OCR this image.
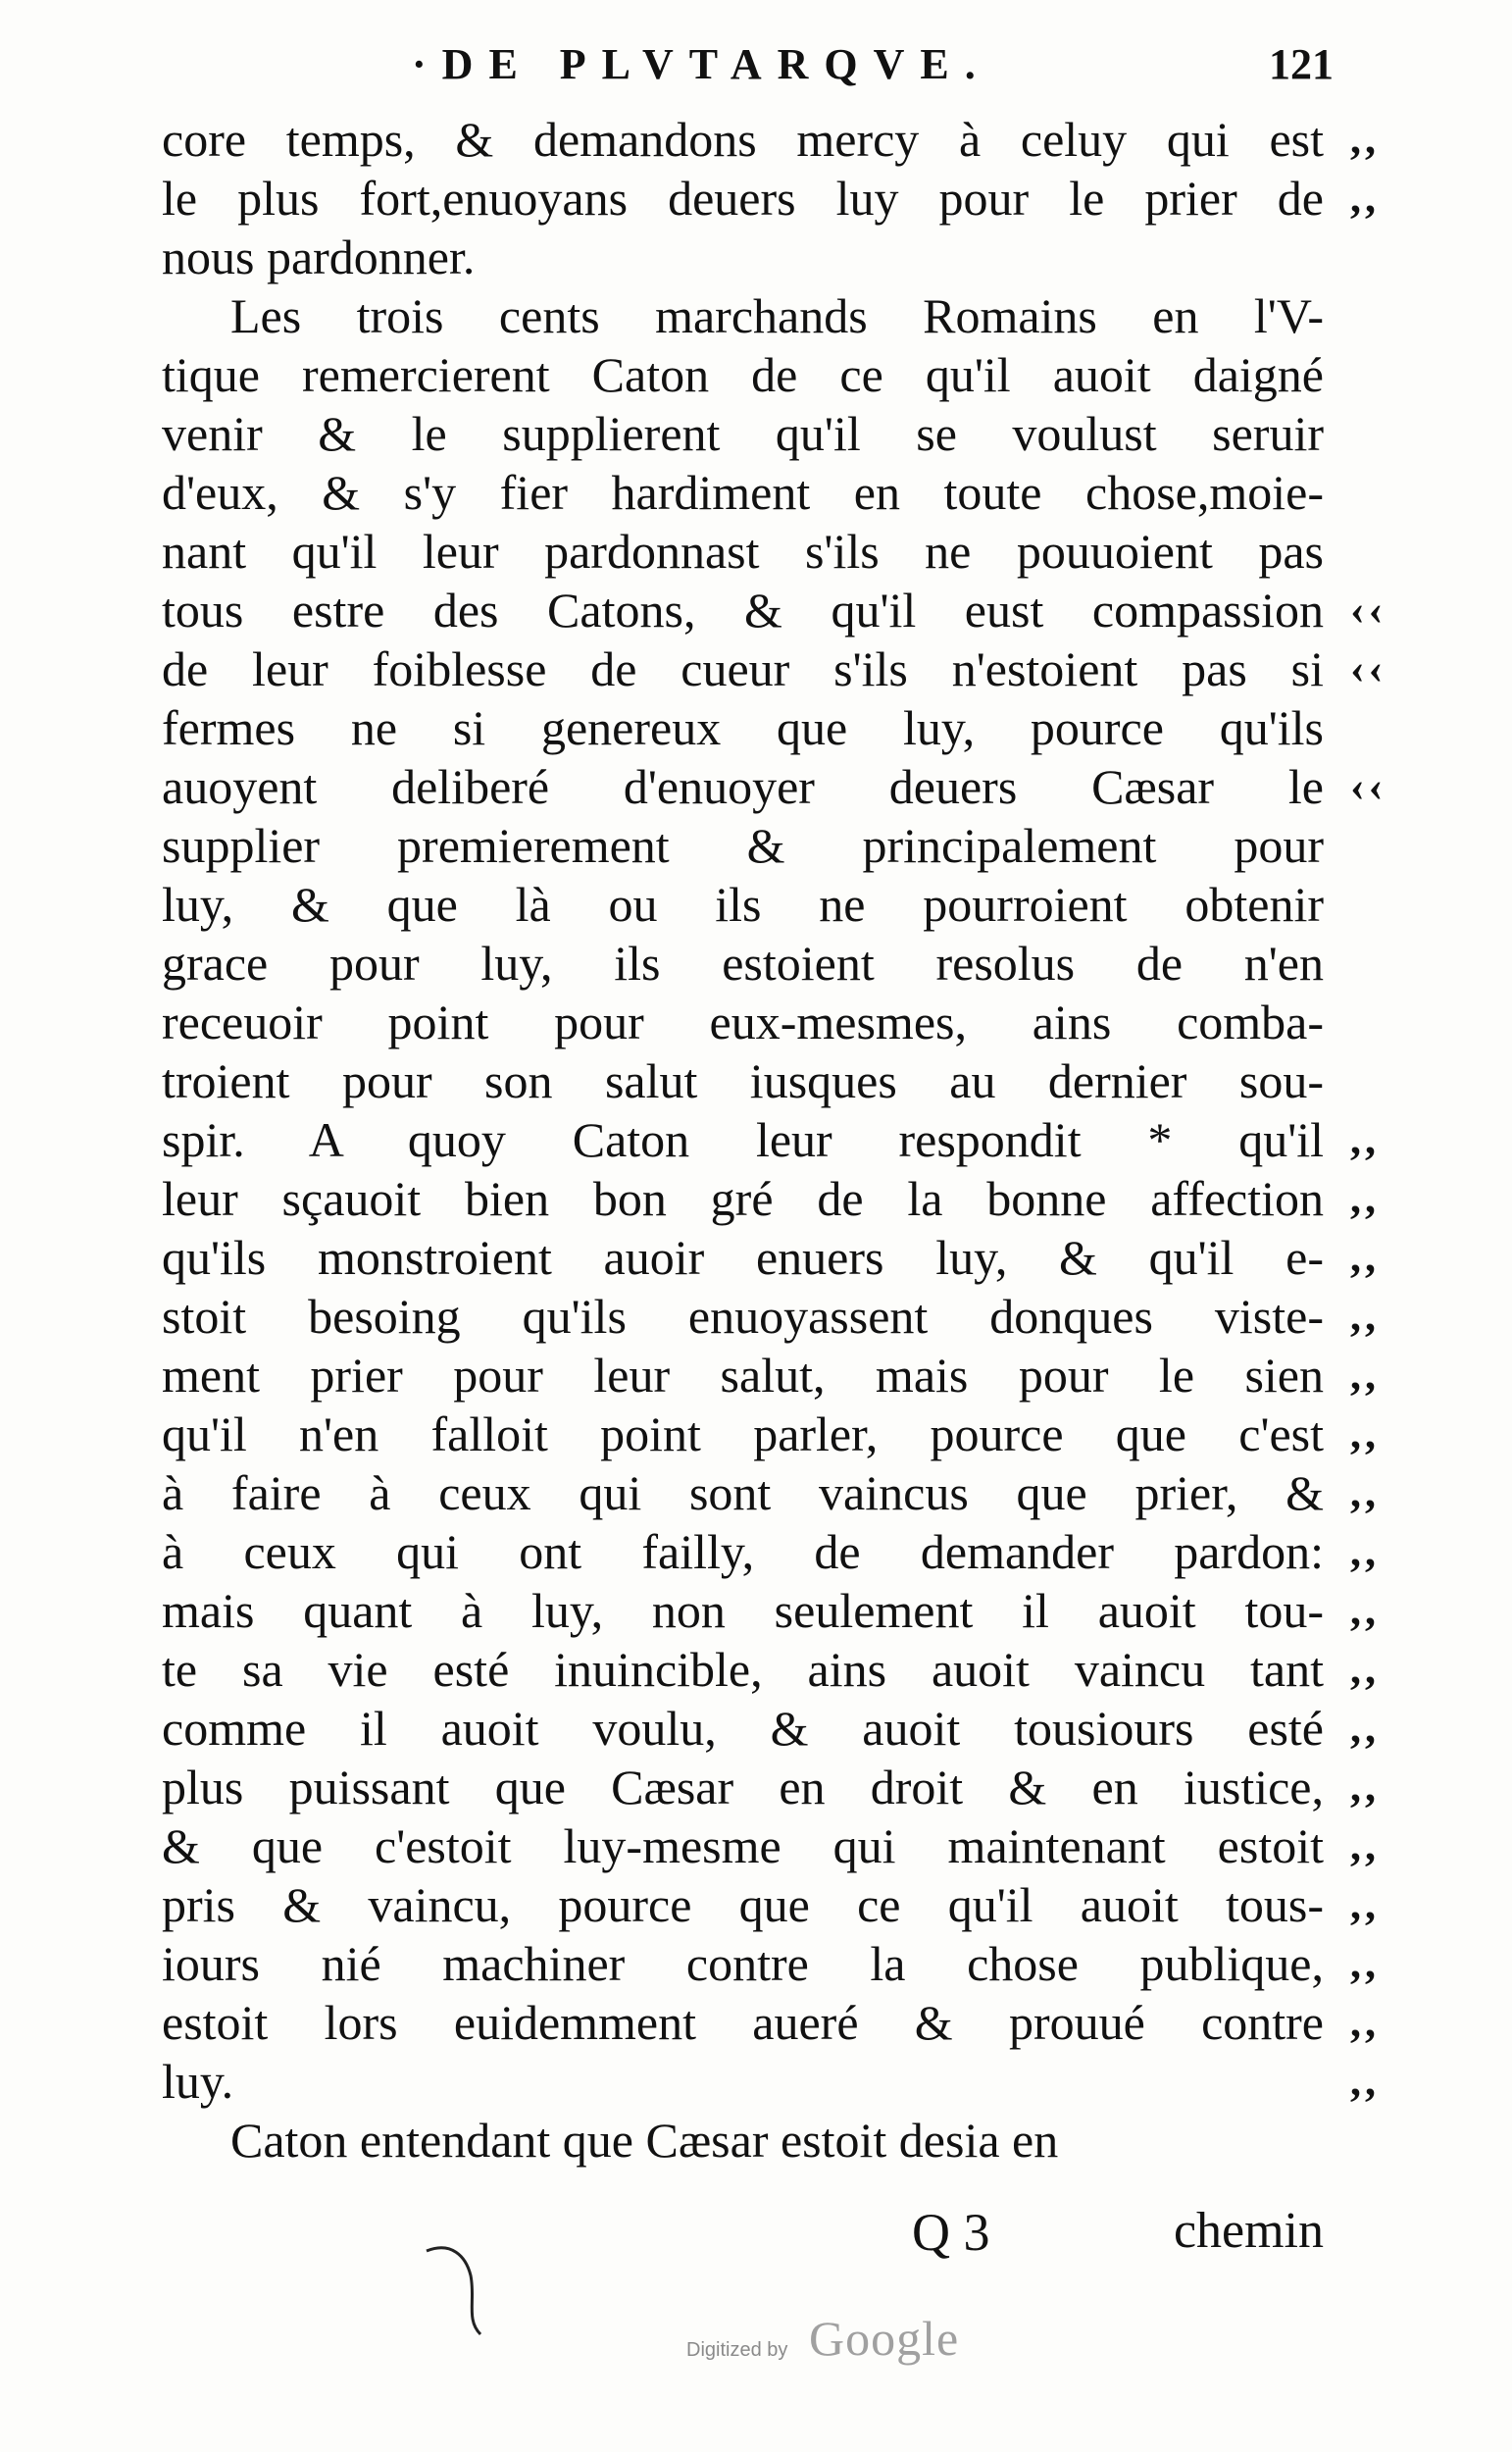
·DE PLVTARQVE.	121
core temps, & demandons mercy à celuy qui est ,,
le plus fort,enuoyans deuers luy pour le prier de ,,
nous pardonner.
Les trois cents marchands Romains en l'V-
tique remercierent Caton de ce qu'il auoit daigné
venir & le supplierent qu'il se voulust seruir
d'eux, & s'y fier hardiment en toute chose,moie-
nant qu'il leur pardonnast s'ils ne pouuoient pas
tous estre des Catons, & qu'il eust compassion ‹‹
de leur foiblesse de cueur s'ils n'estoient pas si ‹‹
fermes ne si genereux que luy, pource qu'ils
auoyent deliberé d'enuoyer deuers Cæsar le ‹‹
supplier premierement & principalement pour
luy, & que là ou ils ne pourroient obtenir
grace pour luy, ils estoient resolus de n'en
receuoir point pour eux-mesmes, ains comba-
troient pour son salut iusques au dernier sou-
spir. A quoy Caton leur respondit * qu'il ,,
leur sçauoit bien bon gré de la bonne affection ,,
qu'ils monstroient auoir enuers luy, & qu'il e- ,,
stoit besoing qu'ils enuoyassent donques viste- ,,
ment prier pour leur salut, mais pour le sien ,,
qu'il n'en falloit point parler, pource que c'est ,,
à faire à ceux qui sont vaincus que prier, & ,,
à ceux qui ont failly, de demander pardon: ,,
mais quant à luy, non seulement il auoit tou- ,,
te sa vie esté inuincible, ains auoit vaincu tant ,,
comme il auoit voulu, & auoit tousiours esté ,,
plus puissant que Cæsar en droit & en iustice, ,,
& que c'estoit luy-mesme qui maintenant estoit ,,
pris & vaincu, pource que ce qu'il auoit tous- ,,
iours nié machiner contre la chose publique, ,,
estoit lors euidemment aueré & prouué contre ,,
luy.	,,
Caton entendant que Cæsar estoit desia en
Q 3	chemin
Digitized by Google
